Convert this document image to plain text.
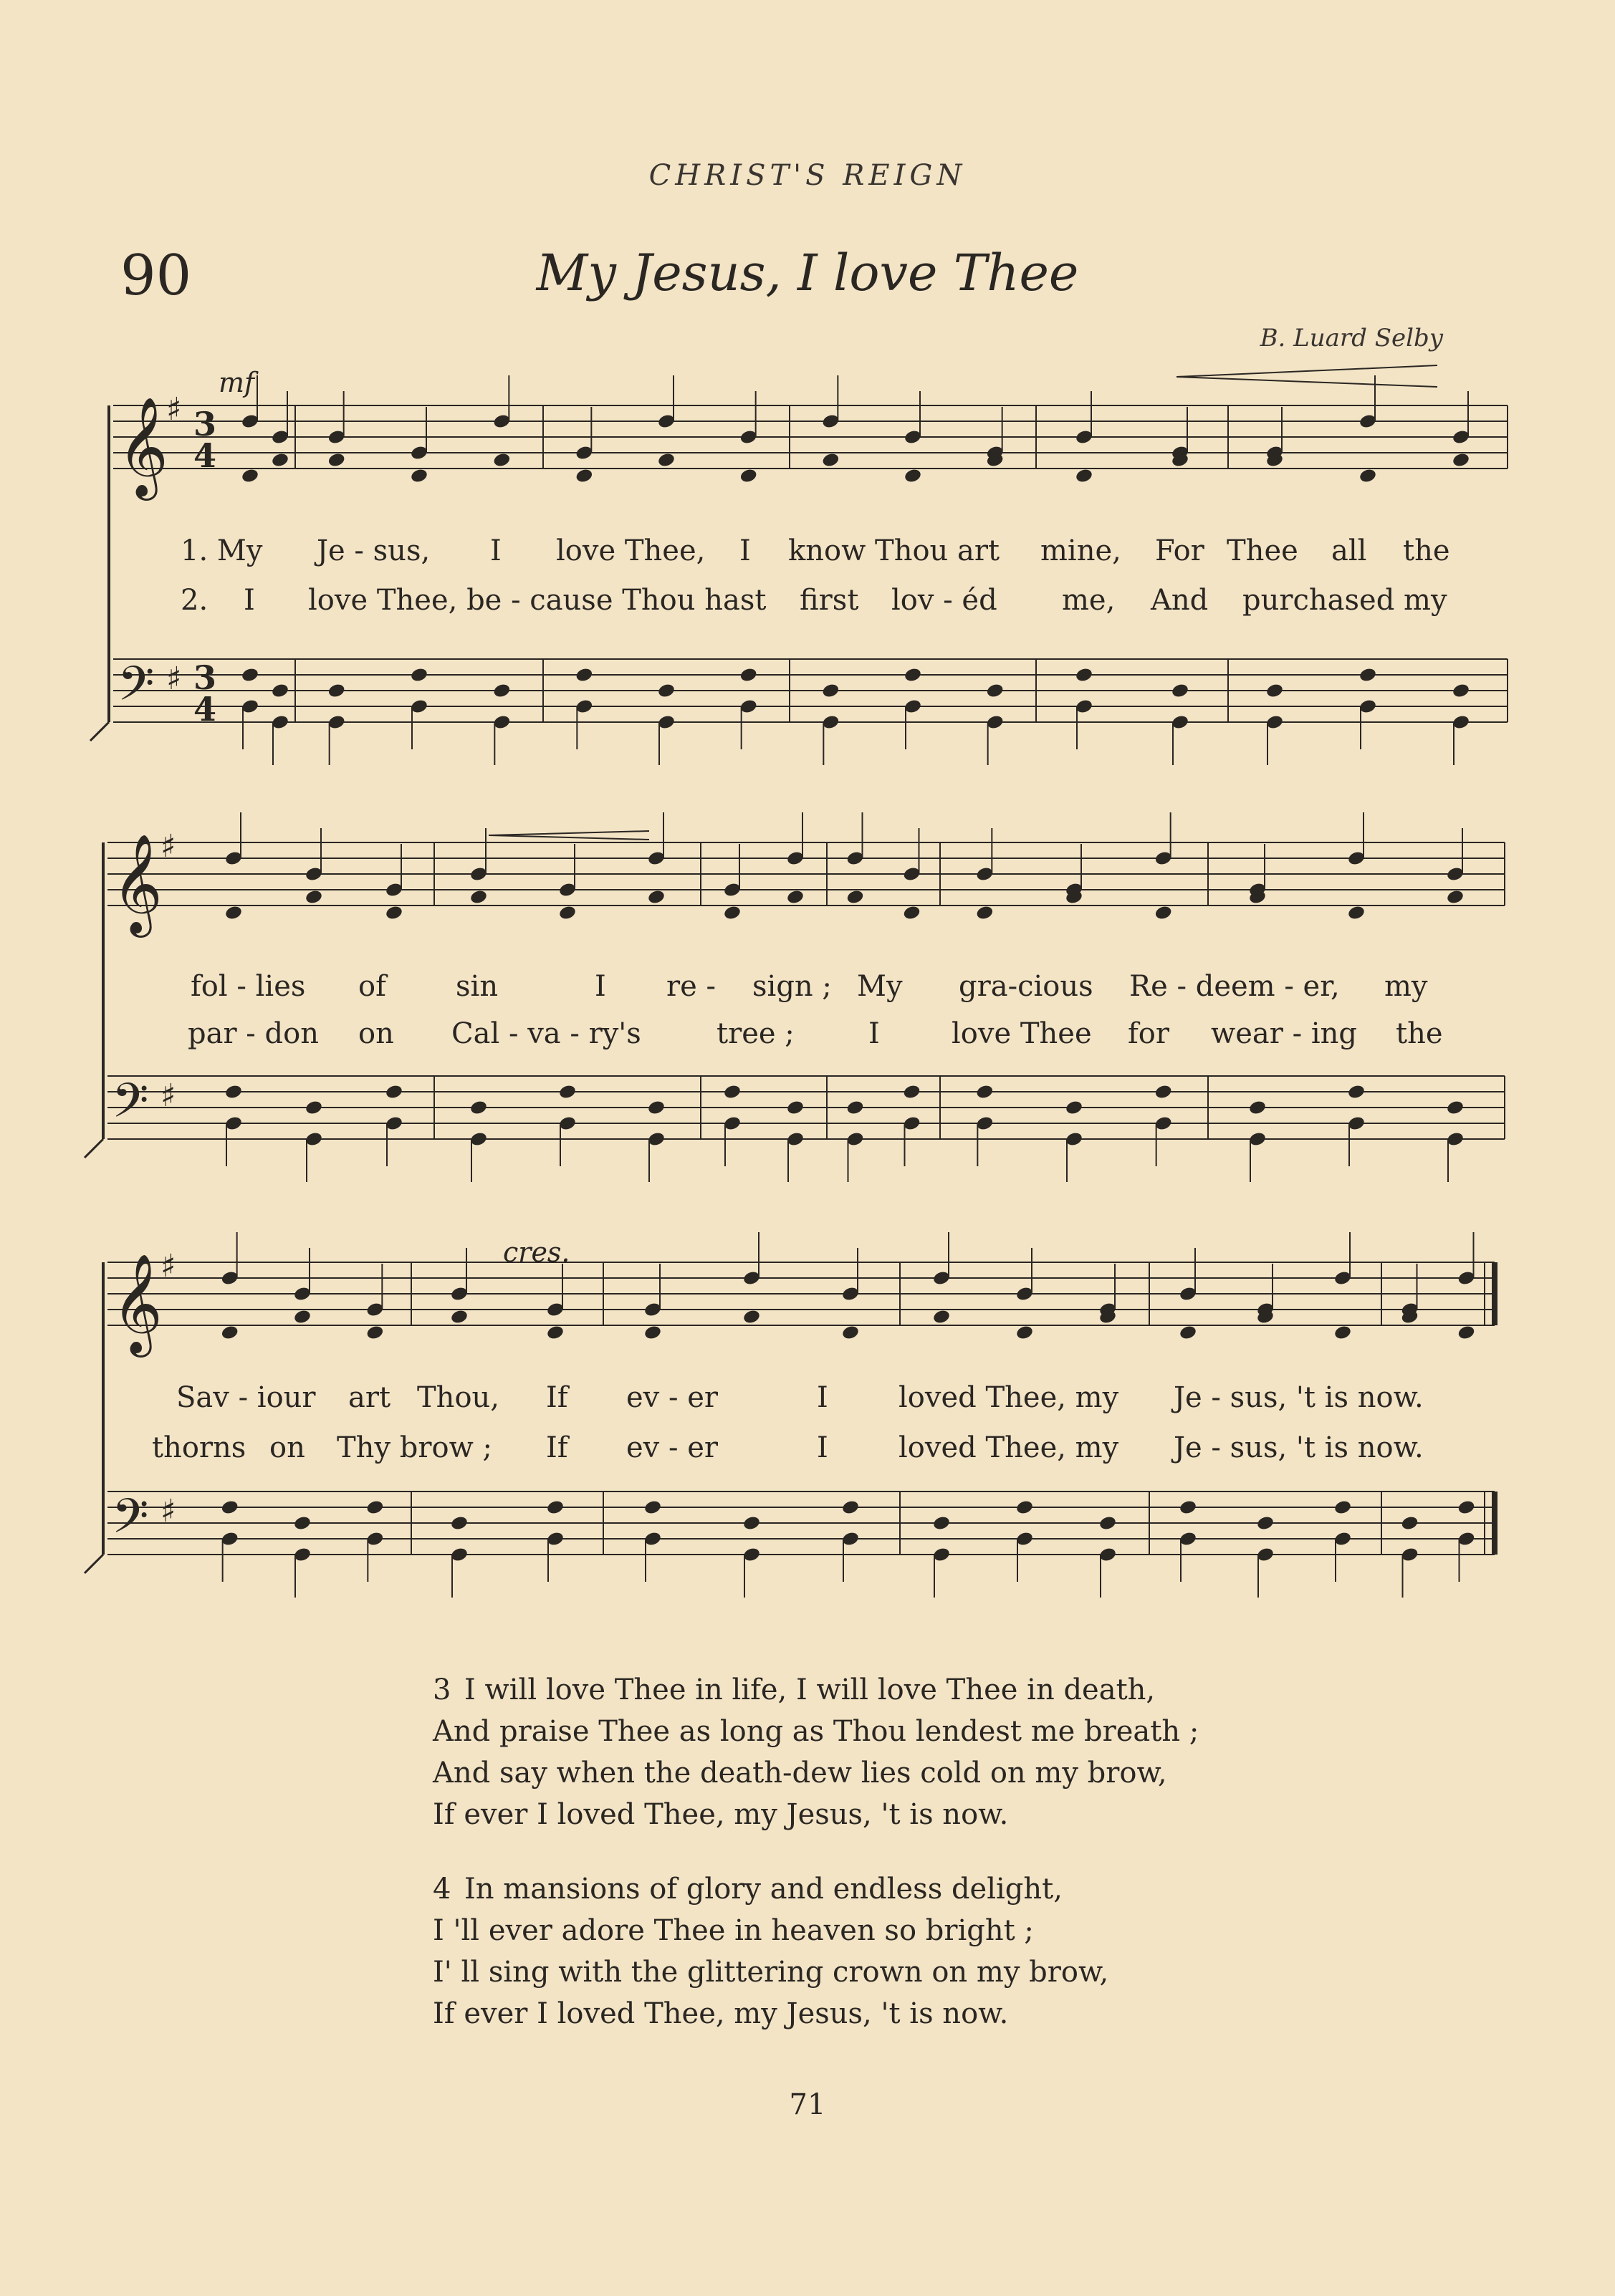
CHRIST'S REIGN
90	My Jesus, I love Thee
B. Luard Selby
𝄞
𝄢
♯
♯
3
4
3
4
𝄞
𝄢
♯
♯
𝄞
𝄢
♯
♯
mf
cres.
1. My Je - sus, I love Thee, I know Thou art mine, For Thee all the
2. I love Thee, be - cause Thou hast first lov - éd me, And purchased my
fol - lies of sin	I re - sign ; My gra-cious Re - deem - er, my
par - don on Cal - va - ry's	tree ;	I	love Thee for wear - ing the
Sav - iour art Thou, If ev - er	I loved Thee, my Je - sus, 't is now.
thorns on Thy brow ; If ev - er	I loved Thee, my Je - sus, 't is now.
3 I will love Thee in life, I will love Thee in death,
And praise Thee as long as Thou lendest me breath ;
And say when the death-dew lies cold on my brow,
If ever I loved Thee, my Jesus, 't is now.
4 In mansions of glory and endless delight,
I 'll ever adore Thee in heaven so bright ;
I' ll sing with the glittering crown on my brow,
If ever I loved Thee, my Jesus, 't is now.
71
